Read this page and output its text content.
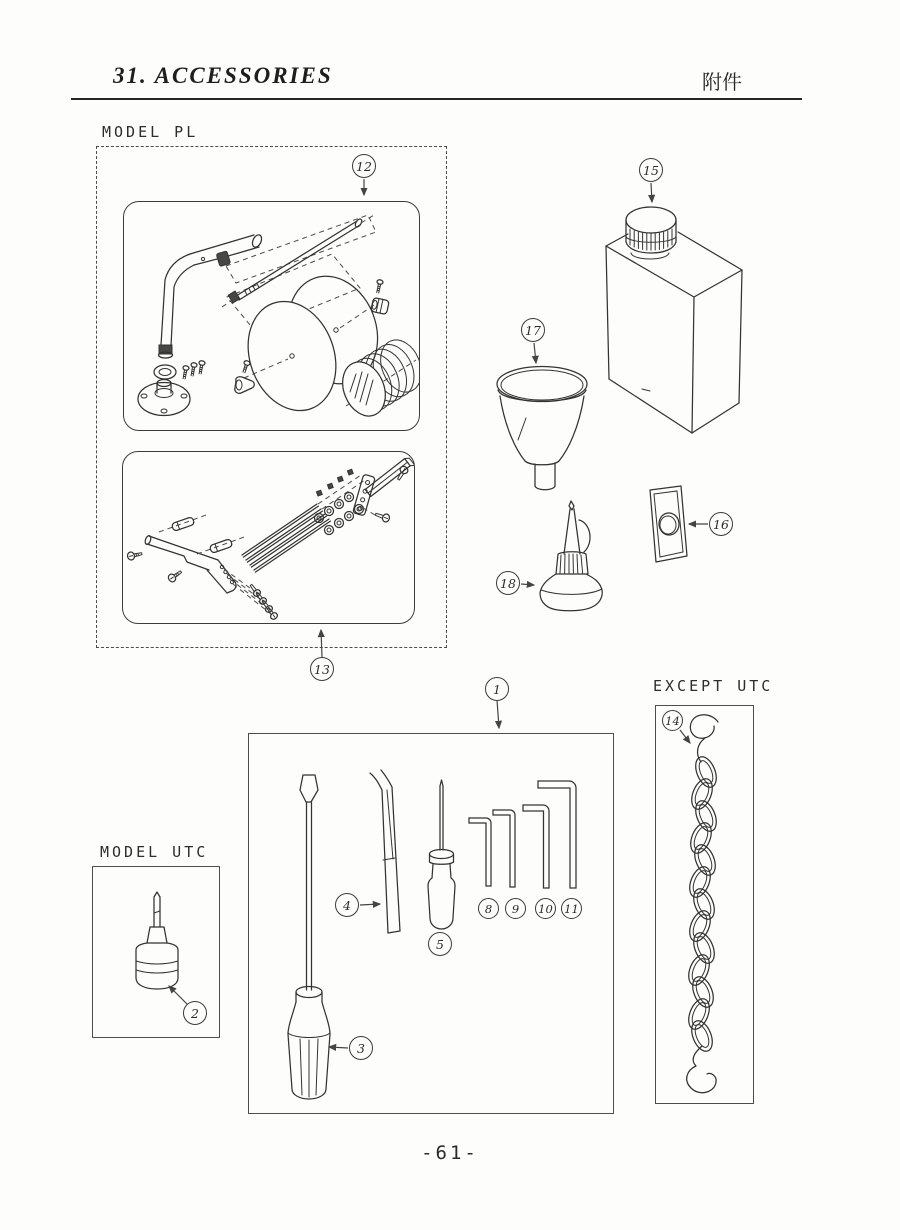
31. ACCESSORIES	附件
MODEL PL
MODEL UTC
EXCEPT UTC
12
13
15
17
16
18
1
3
4
5
8	9	10 11
2
14
-61-
